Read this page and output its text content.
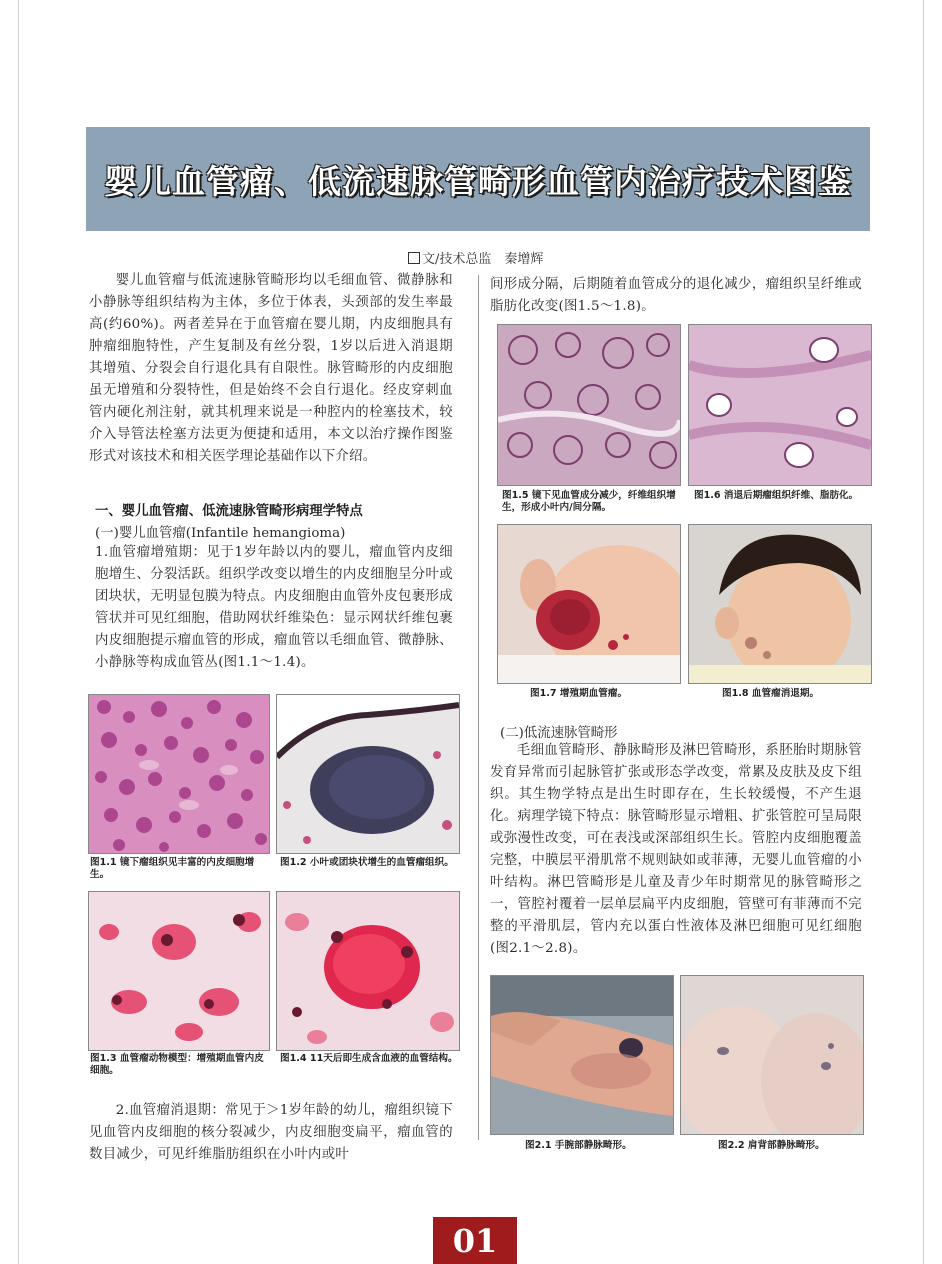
婴儿血管瘤、低流速脉管畸形血管内治疗技术图鉴
文/技术总监　秦增辉

婴儿血管瘤与低流速脉管畸形均以毛细血管、微静脉和小静脉等组织结构为主体，多位于体表，头颈部的发生率最高(约60%)。两者差异在于血管瘤在婴儿期，内皮细胞具有肿瘤细胞特性，产生复制及有丝分裂，1岁以后进入消退期其增殖、分裂会自行退化具有自限性。脉管畸形的内皮细胞虽无增殖和分裂特性，但是始终不会自行退化。经皮穿刺血管内硬化剂注射，就其机理来说是一种腔内的栓塞技术，较介入导管法栓塞方法更为便捷和适用，本文以治疗操作图鉴形式对该技术和相关医学理论基础作以下介绍。

一、婴儿血管瘤、低流速脉管畸形病理学特点

(一)婴儿血管瘤(Infantile hemangioma)

1.血管瘤增殖期：见于1岁年龄以内的婴儿，瘤血管内皮细胞增生、分裂活跃。组织学改变以增生的内皮细胞呈分叶或团块状，无明显包膜为特点。内皮细胞由血管外皮包裹形成管状并可见红细胞，借助网状纤维染色：显示网状纤维包裹内皮细胞提示瘤血管的形成，瘤血管以毛细血管、微静脉、小静脉等构成血管丛(图1.1～1.4)。

图1.1 镜下瘤组织见丰富的内皮细胞增生。

图1.2 小叶或团块状增生的血管瘤组织。

图1.3 血管瘤动物模型：增殖期血管内皮细胞。

图1.4 11天后即生成含血液的血管结构。

2.血管瘤消退期：常见于＞1岁年龄的幼儿，瘤组织镜下见血管内皮细胞的核分裂减少，内皮细胞变扁平，瘤血管的数目减少，可见纤维脂肪组织在小叶内或叶

间形成分隔，后期随着血管成分的退化减少，瘤组织呈纤维或脂肪化改变(图1.5～1.8)。

图1.5 镜下见血管成分减少，纤维组织增生，形成小叶内/间分隔。

图1.6 消退后期瘤组织纤维、脂肪化。

图1.7 增殖期血管瘤。	图1.8 血管瘤消退期。

(二)低流速脉管畸形

毛细血管畸形、静脉畸形及淋巴管畸形，系胚胎时期脉管发育异常而引起脉管扩张或形态学改变，常累及皮肤及皮下组织。其生物学特点是出生时即存在，生长较缓慢，不产生退化。病理学镜下特点：脉管畸形显示增粗、扩张管腔可呈局限或弥漫性改变，可在表浅或深部组织生长。管腔内皮细胞覆盖完整，中膜层平滑肌常不规则缺如或菲薄，无婴儿血管瘤的小叶结构。淋巴管畸形是儿童及青少年时期常见的脉管畸形之一，管腔衬覆着一层单层扁平内皮细胞，管壁可有菲薄而不完整的平滑肌层，管内充以蛋白性液体及淋巴细胞可见红细胞(图2.1～2.8)。

图2.1 手腕部静脉畸形。	图2.2 肩背部静脉畸形。

01
